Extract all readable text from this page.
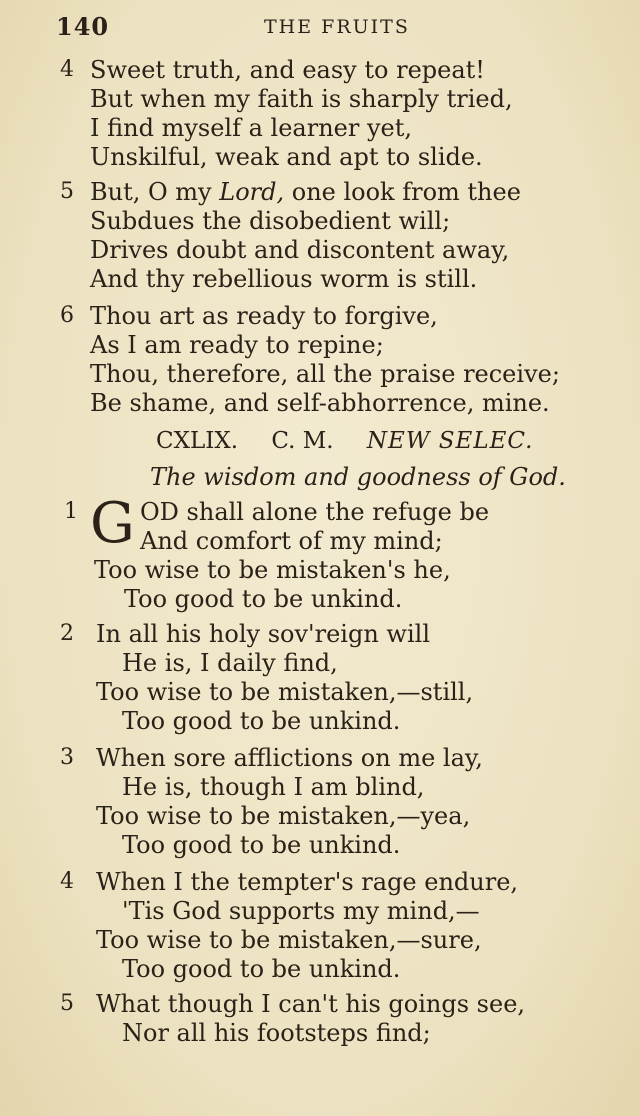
140	THE FRUITS
4 Sweet truth, and easy to repeat!
But when my faith is sharply tried,
I find myself a learner yet,
Unskilful, weak and apt to slide.
5 But, O my Lord, one look from thee
Subdues the disobedient will;
Drives doubt and discontent away,
And thy rebellious worm is still.
6 Thou art as ready to forgive,
As I am ready to repine;
Thou, therefore, all the praise receive;
Be shame, and self-abhorrence, mine.
CXLIX. C. M. NEW SELEC.
The wisdom and goodness of God.
1 G OD shall alone the refuge be
And comfort of my mind;
Too wise to be mistaken's he,
Too good to be unkind.
2 In all his holy sov'reign will
He is, I daily find,
Too wise to be mistaken,—still,
Too good to be unkind.
3 When sore afflictions on me lay,
He is, though I am blind,
Too wise to be mistaken,—yea,
Too good to be unkind.
4 When I the tempter's rage endure,
'Tis God supports my mind,—
Too wise to be mistaken,—sure,
Too good to be unkind.
5 What though I can't his goings see,
Nor all his footsteps find;
